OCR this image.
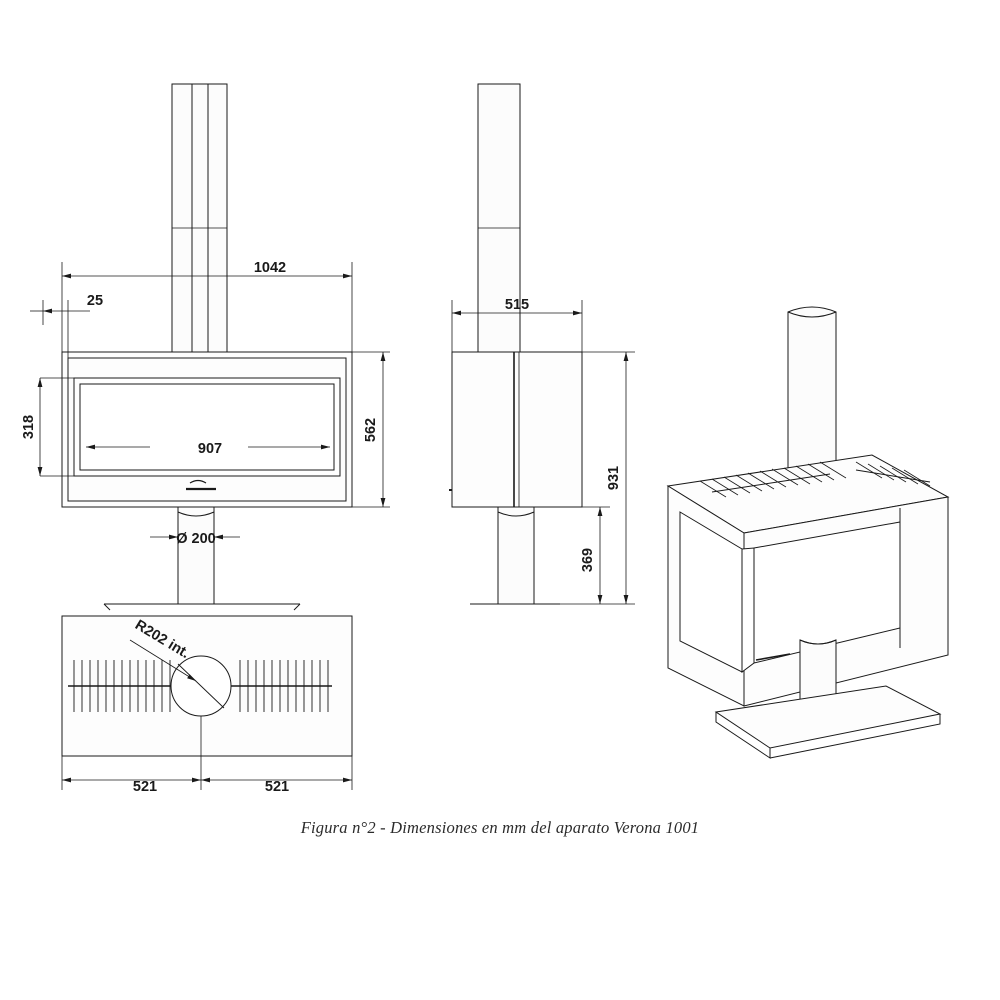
1042
25
907
318	562
Ø 200
515
931
369
R202 int.
521	521
Figura n°2 - Dimensiones en mm del aparato Verona 1001
